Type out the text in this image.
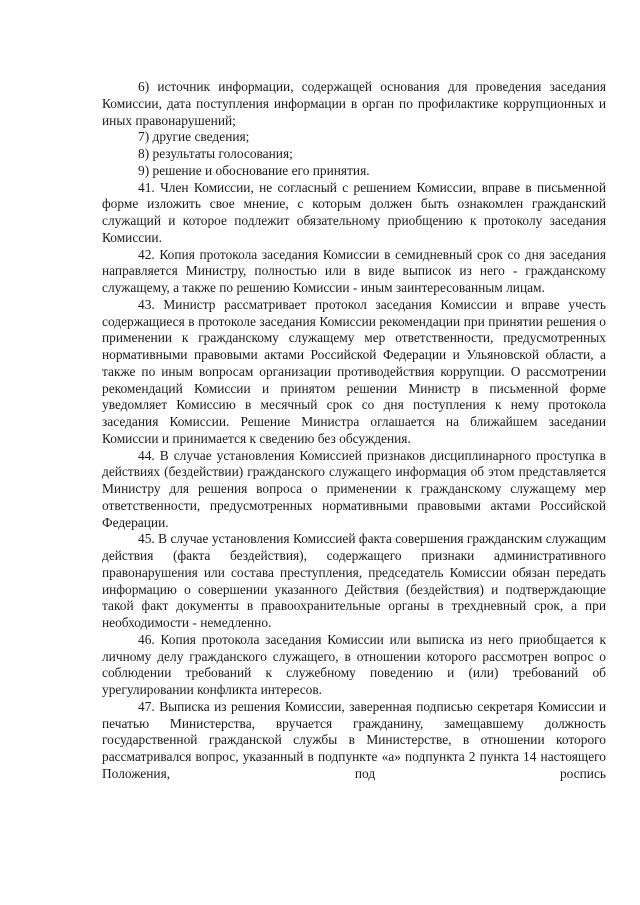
6) источник информации, содержащей основания для проведения заседания Комиссии, дата поступления информации в орган по профилактике коррупционных и иных правонарушений;

7) другие сведения;

8) результаты голосования;

9) решение и обоснование его принятия.

41. Член Комиссии, не согласный с решением Комиссии, вправе в письменной форме изложить свое мнение, с которым должен быть ознакомлен гражданский служащий и которое подлежит обязательному приобщению к протоколу заседания Комиссии.

42. Копия протокола заседания Комиссии в семидневный срок со дня заседания направляется Министру, полностью или в виде выписок из него - гражданскому служащему, а также по решению Комиссии - иным заинтересованным лицам.

43. Министр рассматривает протокол заседания Комиссии и вправе учесть содержащиеся в протоколе заседания Комиссии рекомендации при принятии решения о применении к гражданскому служащему мер ответственности, предусмотренных нормативными правовыми актами Российской Федерации и Ульяновской области, а также по иным вопросам организации противодействия коррупции. О рассмотрении рекомендаций Комиссии и принятом решении Министр в письменной форме уведомляет Комиссию в месячный срок со дня поступления к нему протокола заседания Комиссии. Решение Министра оглашается на ближайшем заседании Комиссии и принимается к сведению без обсуждения.

44. В случае установления Комиссией признаков дисциплинарного проступка в действиях (бездействии) гражданского служащего информация об этом представляется Министру для решения вопроса о применении к гражданскому служащему мер ответственности, предусмотренных нормативными правовыми актами Российской Федерации.

45. В случае установления Комиссией факта совершения гражданским служащим действия (факта бездействия), содержащего признаки административного правонарушения или состава преступления, председатель Комиссии обязан передать информацию о совершении указанного Действия (бездействия) и подтверждающие такой факт документы в правоохранительные органы в трехдневный срок, а при необходимости - немедленно.

46. Копия протокола заседания Комиссии или выписка из него приобщается к личному делу гражданского служащего, в отношении которого рассмотрен вопрос о соблюдении требований к служебному поведению и (или) требований об урегулировании конфликта интересов.

47. Выписка из решения Комиссии, заверенная подписью секретаря Комиссии и печатью Министерства, вручается гражданину, замещавшему должность государственной гражданской службы в Министерстве, в отношении которого рассматривался вопрос, указанный в подпункте «а» подпункта 2 пункта 14 настоящего Положения, под роспись
